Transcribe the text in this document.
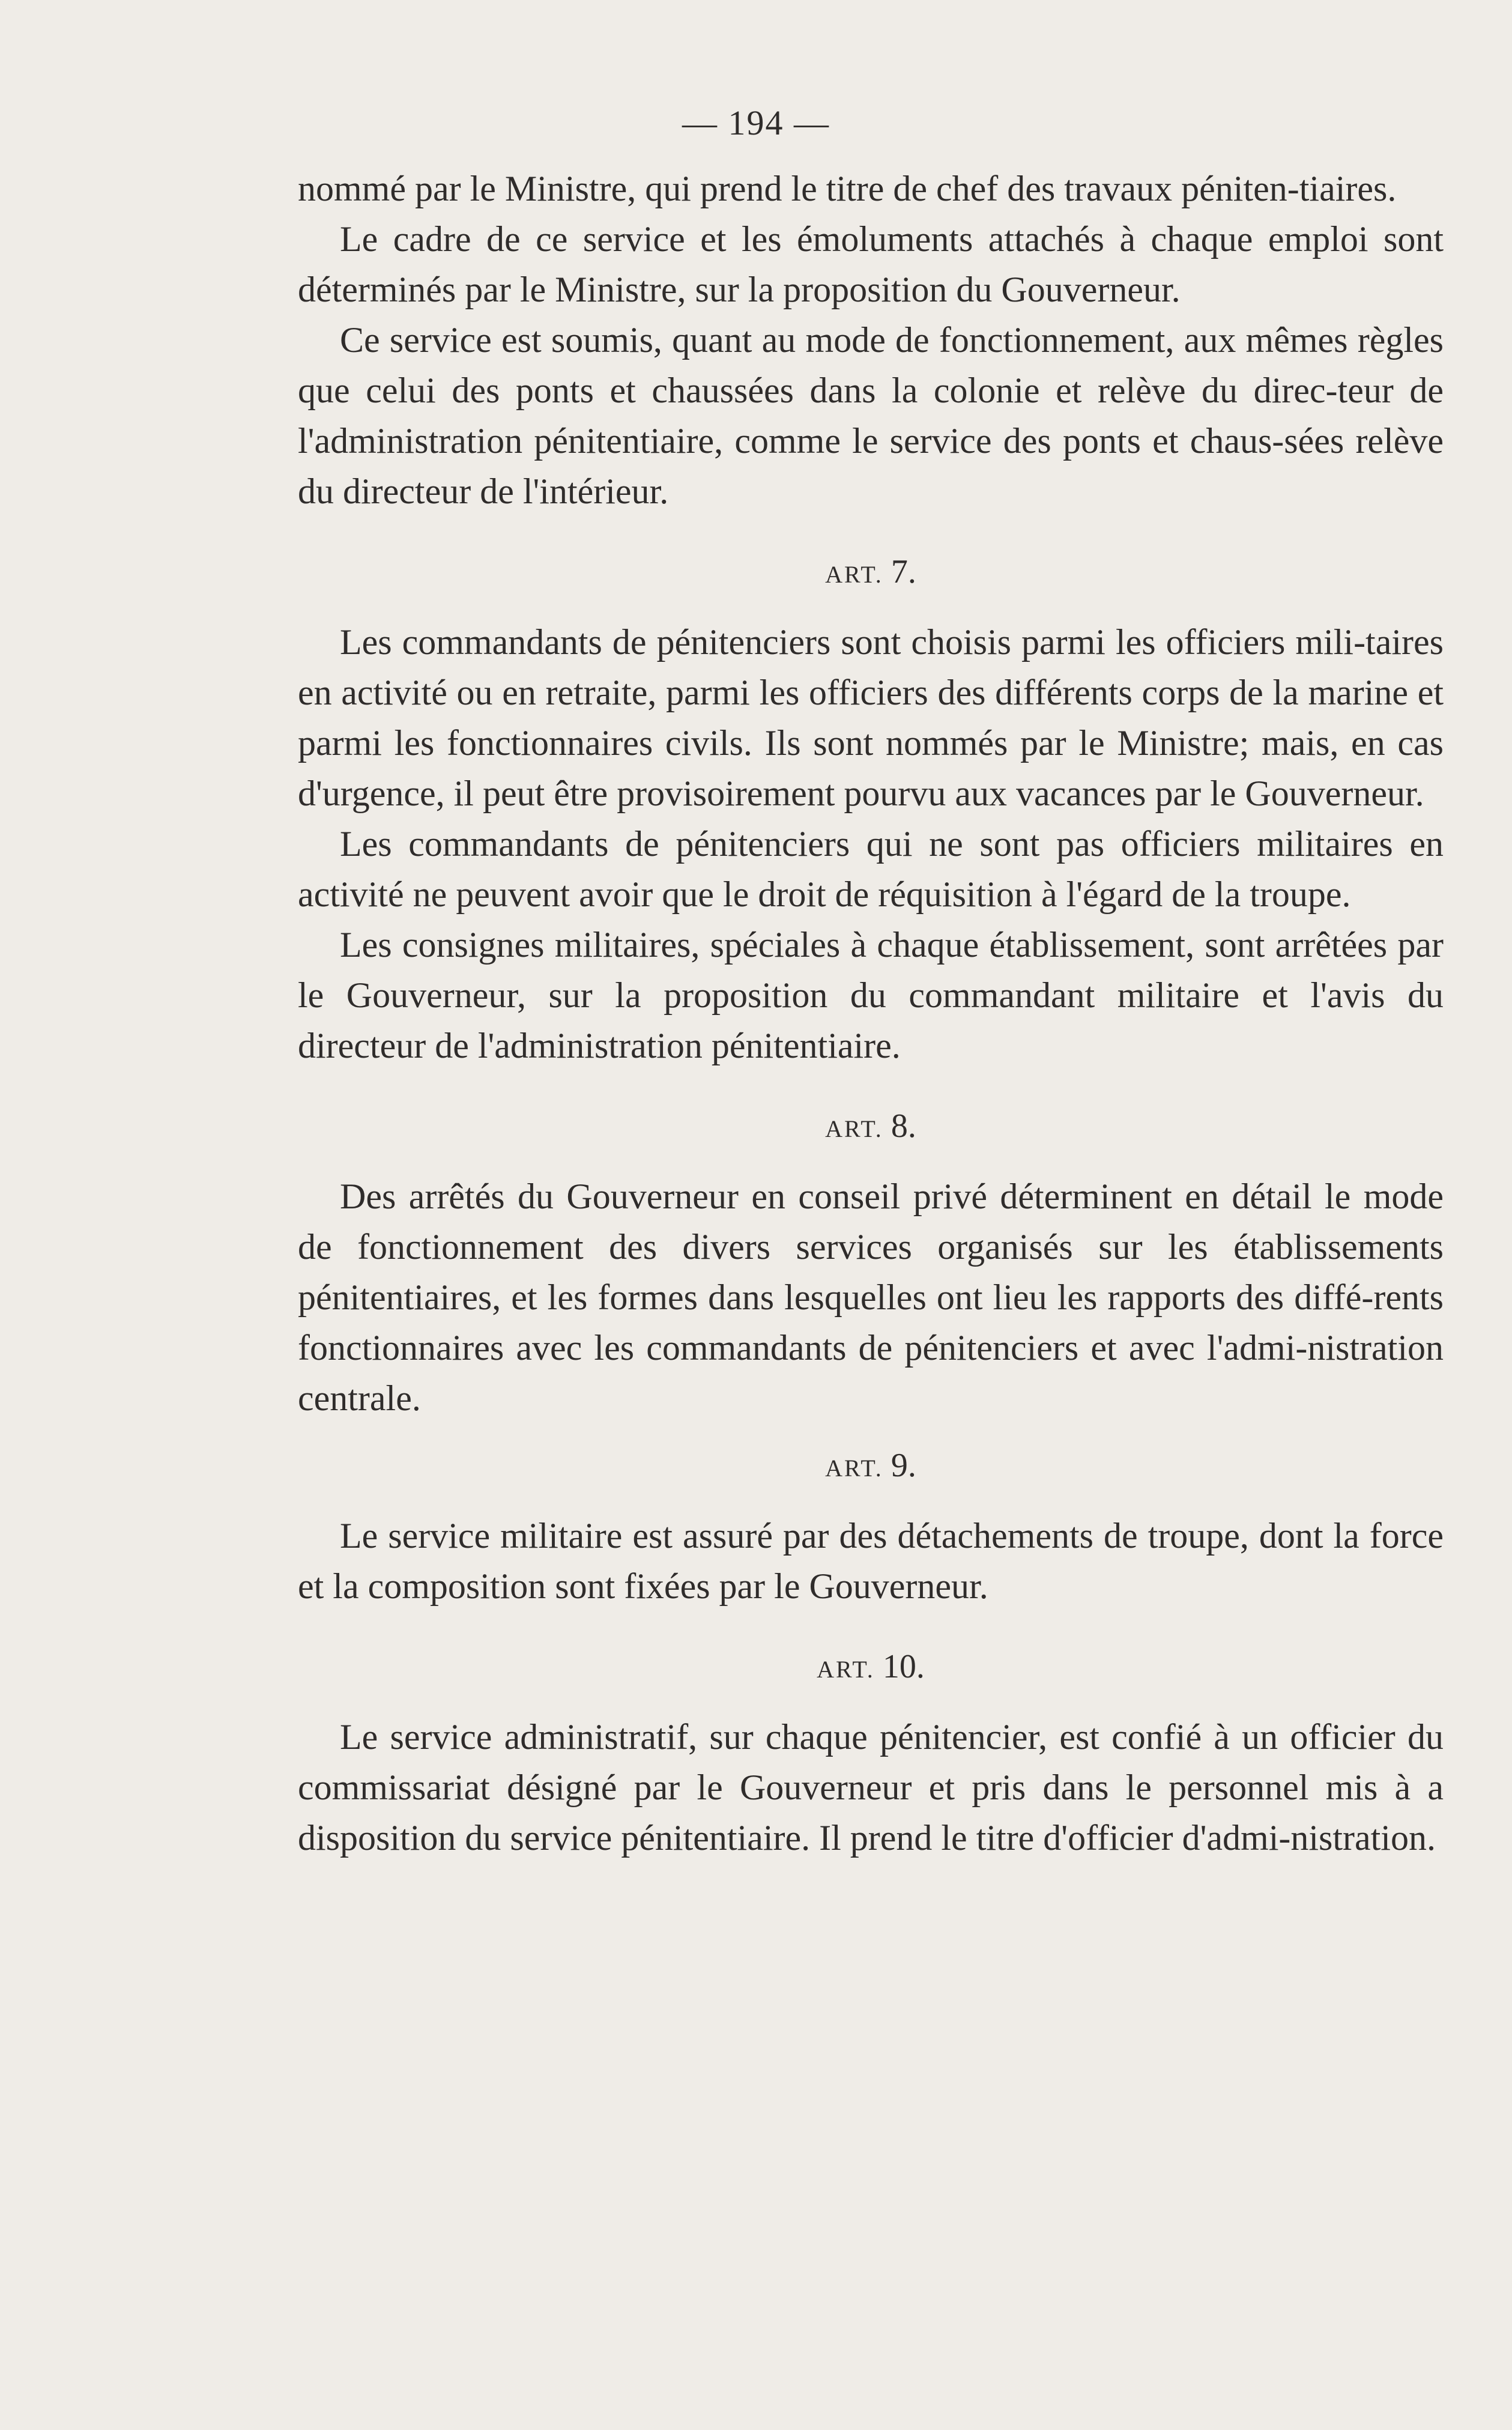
— 194 —

nommé par le Ministre, qui prend le titre de chef des travaux péniten-tiaires.

Le cadre de ce service et les émoluments attachés à chaque emploi sont déterminés par le Ministre, sur la proposition du Gouverneur.

Ce service est soumis, quant au mode de fonctionnement, aux mêmes règles que celui des ponts et chaussées dans la colonie et relève du direc-teur de l'administration pénitentiaire, comme le service des ponts et chaus-sées relève du directeur de l'intérieur.

ART. 7.

Les commandants de pénitenciers sont choisis parmi les officiers mili-taires en activité ou en retraite, parmi les officiers des différents corps de la marine et parmi les fonctionnaires civils. Ils sont nommés par le Ministre; mais, en cas d'urgence, il peut être provisoirement pourvu aux vacances par le Gouverneur.

Les commandants de pénitenciers qui ne sont pas officiers militaires en activité ne peuvent avoir que le droit de réquisition à l'égard de la troupe.

Les consignes militaires, spéciales à chaque établissement, sont arrêtées par le Gouverneur, sur la proposition du commandant militaire et l'avis du directeur de l'administration pénitentiaire.

ART. 8.

Des arrêtés du Gouverneur en conseil privé déterminent en détail le mode de fonctionnement des divers services organisés sur les établissements pénitentiaires, et les formes dans lesquelles ont lieu les rapports des diffé-rents fonctionnaires avec les commandants de pénitenciers et avec l'admi-nistration centrale.

ART. 9.

Le service militaire est assuré par des détachements de troupe, dont la force et la composition sont fixées par le Gouverneur.

ART. 10.

Le service administratif, sur chaque pénitencier, est confié à un officier du commissariat désigné par le Gouverneur et pris dans le personnel mis à a disposition du service pénitentiaire. Il prend le titre d'officier d'admi-nistration.
